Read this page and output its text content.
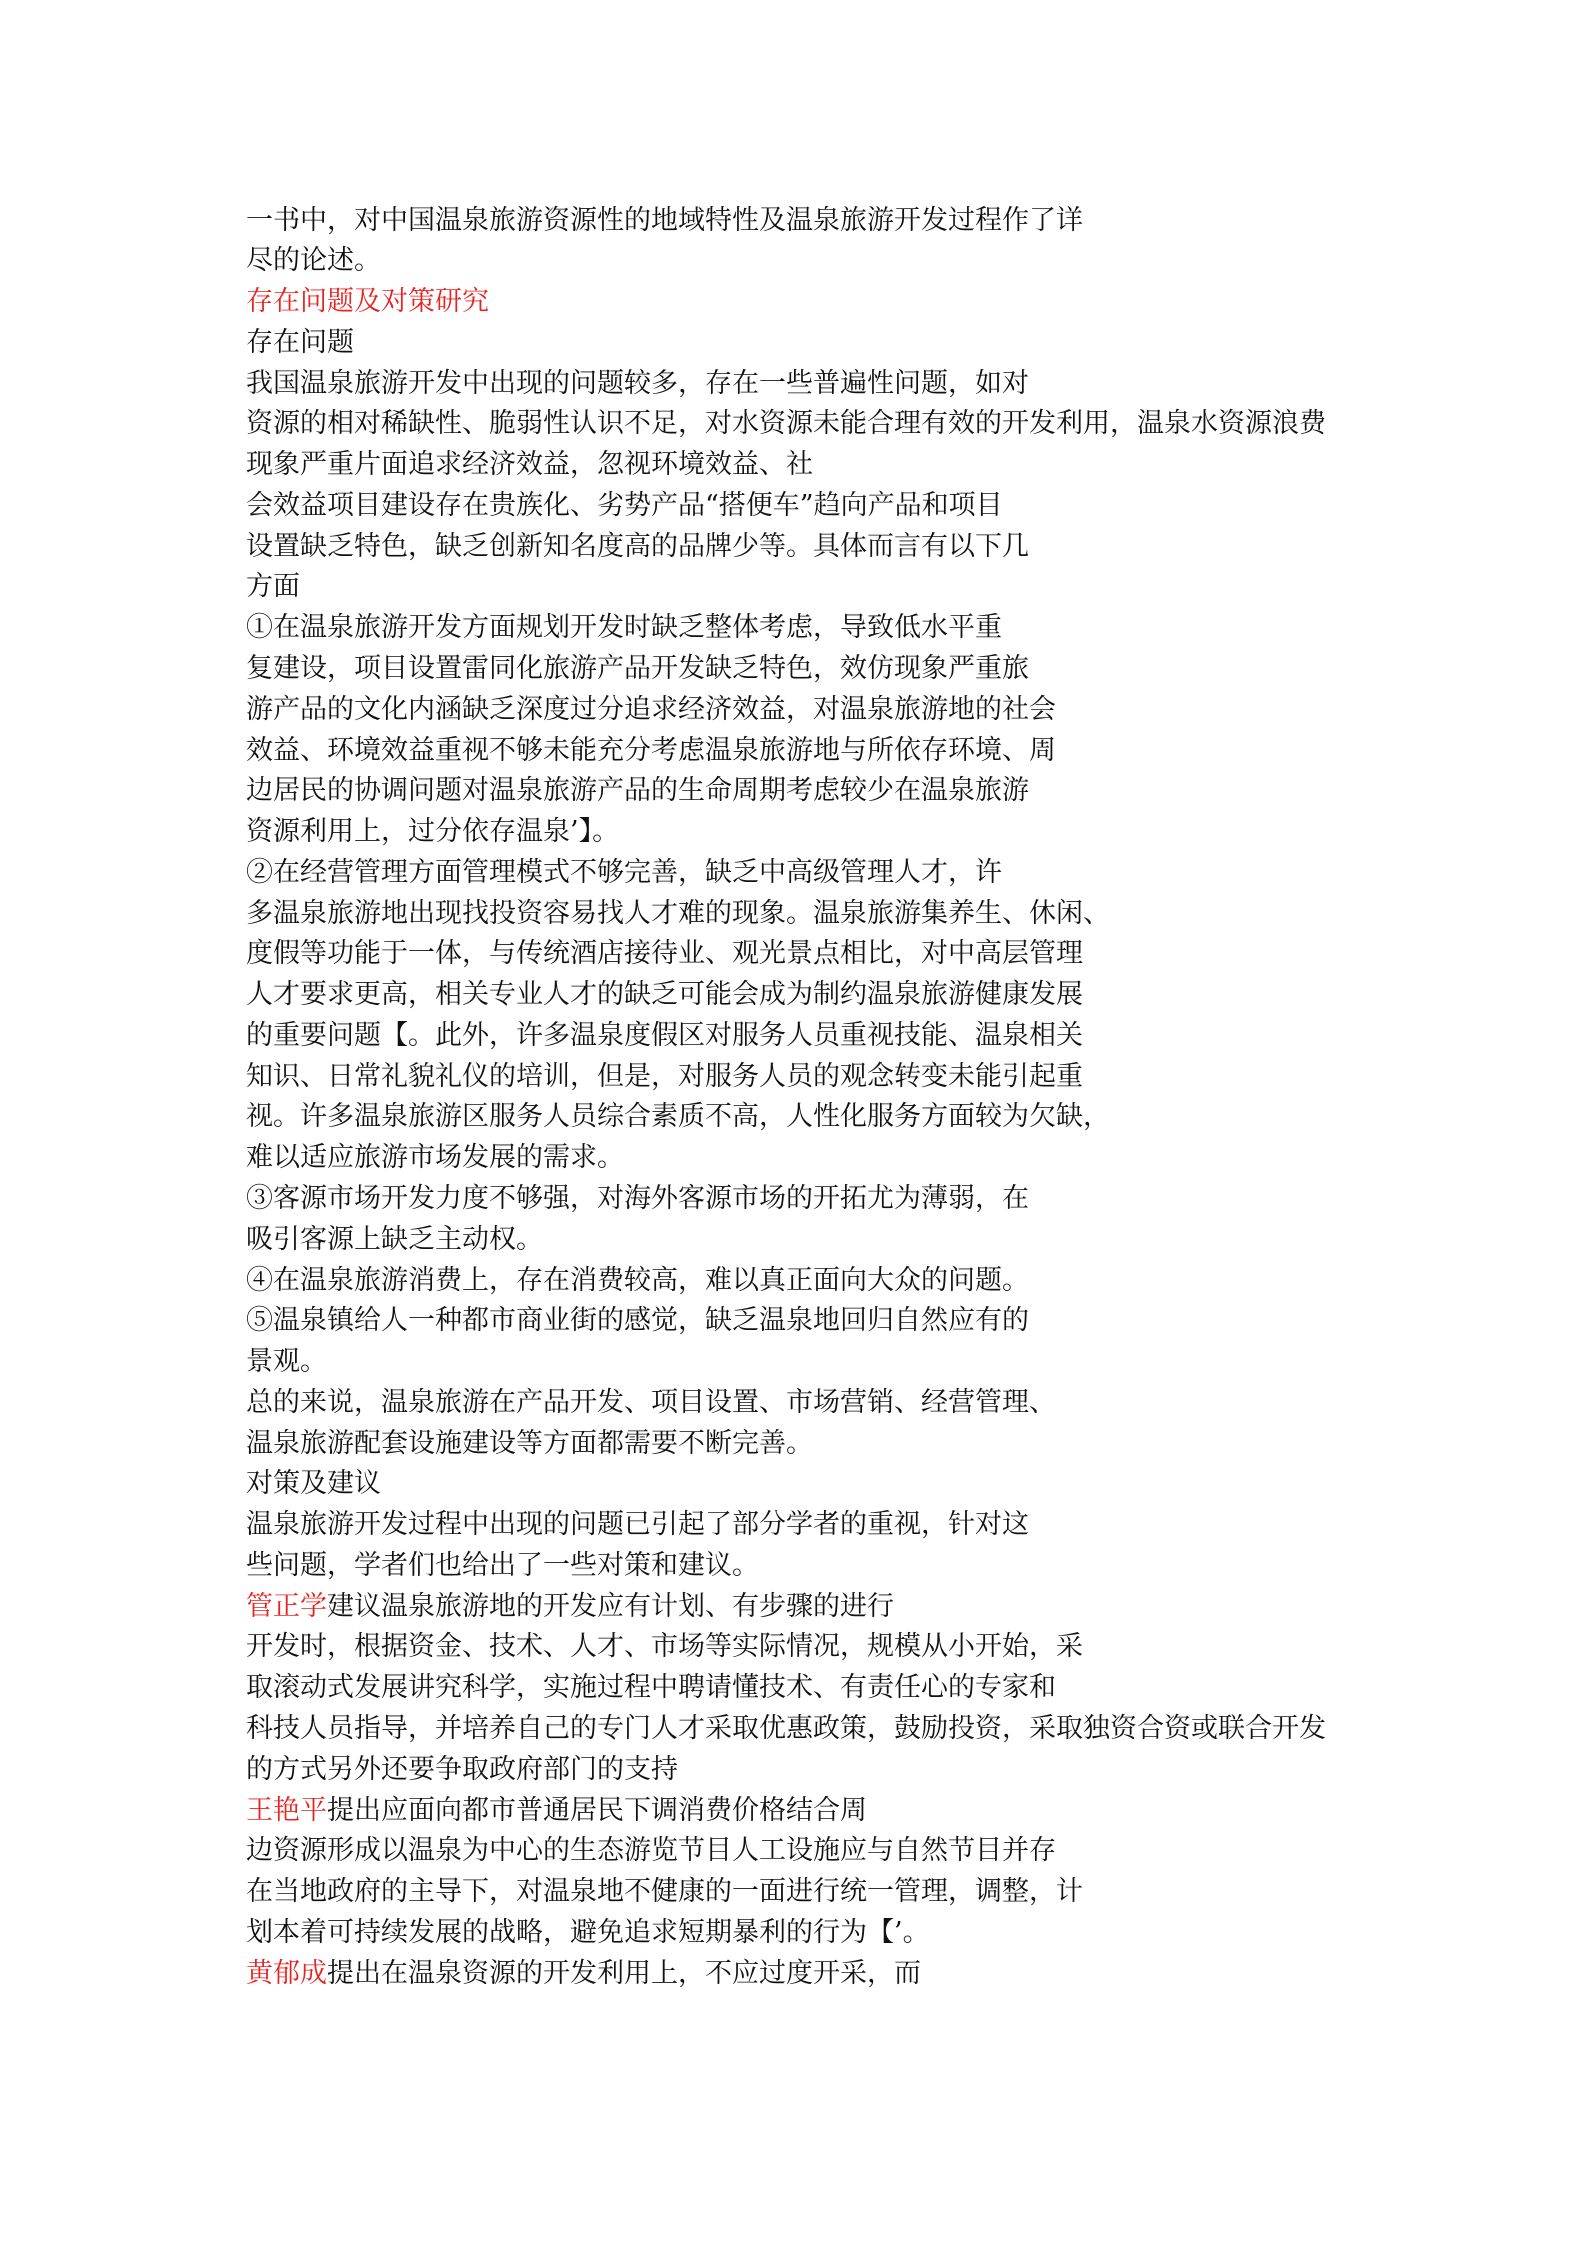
一书中，对中国温泉旅游资源性的地域特性及温泉旅游开发过程作了详

尽的论述。

存在问题及对策研究

存在问题

我国温泉旅游开发中出现的问题较多，存在一些普遍性问题，如对

资源的相对稀缺性、脆弱性认识不足，对水资源未能合理有效的开发利用，温泉水资源浪费

现象严重片面追求经济效益，忽视环境效益、社

会效益项目建设存在贵族化、劣势产品“搭便车”趋向产品和项目

设置缺乏特色，缺乏创新知名度高的品牌少等。具体而言有以下几

方面

①在温泉旅游开发方面规划开发时缺乏整体考虑，导致低水平重

复建设，项目设置雷同化旅游产品开发缺乏特色，效仿现象严重旅

游产品的文化内涵缺乏深度过分追求经济效益，对温泉旅游地的社会

效益、环境效益重视不够未能充分考虑温泉旅游地与所依存环境、周

边居民的协调问题对温泉旅游产品的生命周期考虑较少在温泉旅游

资源利用上，过分依存温泉’】。

②在经营管理方面管理模式不够完善，缺乏中高级管理人才，许

多温泉旅游地出现找投资容易找人才难的现象。温泉旅游集养生、休闲、

度假等功能于一体，与传统酒店接待业、观光景点相比，对中高层管理

人才要求更高，相关专业人才的缺乏可能会成为制约温泉旅游健康发展

的重要问题【。此外，许多温泉度假区对服务人员重视技能、温泉相关

知识、日常礼貌礼仪的培训，但是，对服务人员的观念转变未能引起重

视。许多温泉旅游区服务人员综合素质不高，人性化服务方面较为欠缺，

难以适应旅游市场发展的需求。

③客源市场开发力度不够强，对海外客源市场的开拓尤为薄弱，在

吸引客源上缺乏主动权。

④在温泉旅游消费上，存在消费较高，难以真正面向大众的问题。

⑤温泉镇给人一种都市商业街的感觉，缺乏温泉地回归自然应有的

景观。

总的来说，温泉旅游在产品开发、项目设置、市场营销、经营管理、

温泉旅游配套设施建设等方面都需要不断完善。

对策及建议

温泉旅游开发过程中出现的问题已引起了部分学者的重视，针对这

些问题，学者们也给出了一些对策和建议。

管正学建议温泉旅游地的开发应有计划、有步骤的进行

开发时，根据资金、技术、人才、市场等实际情况，规模从小开始，采

取滚动式发展讲究科学，实施过程中聘请懂技术、有责任心的专家和

科技人员指导，并培养自己的专门人才采取优惠政策，鼓励投资，采取独资合资或联合开发

的方式另外还要争取政府部门的支持

王艳平提出应面向都市普通居民下调消费价格结合周

边资源形成以温泉为中心的生态游览节目人工设施应与自然节目并存

在当地政府的主导下，对温泉地不健康的一面进行统一管理，调整，计

划本着可持续发展的战略，避免追求短期暴利的行为【’。

黄郁成提出在温泉资源的开发利用上，不应过度开采，而
